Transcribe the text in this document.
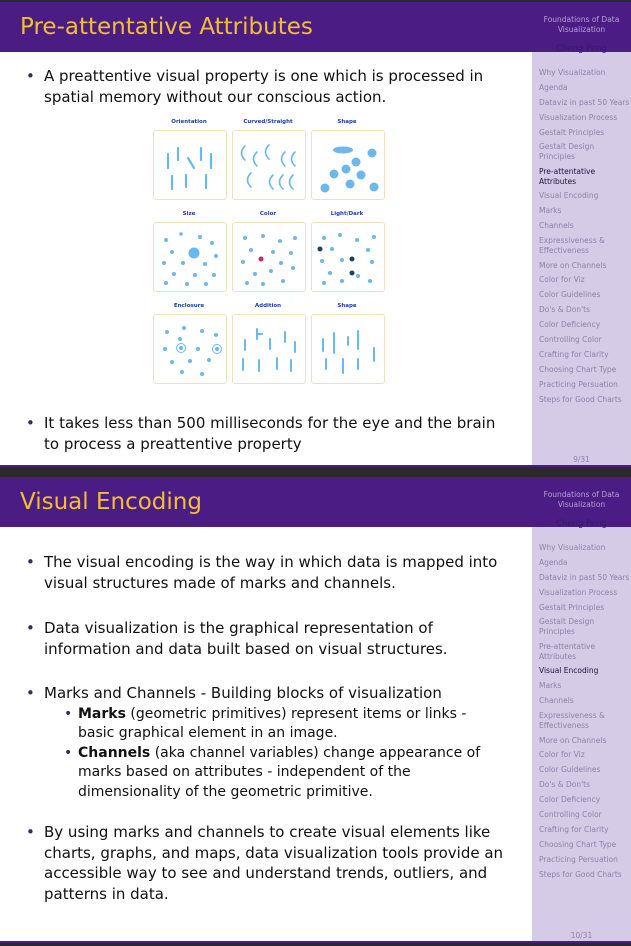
Pre-attentative Attributes	Foundations of Data
Visualization
Cheng Peng
Why Visualization
Agenda
Dataviz in past 50 Years
Visualization Process
Gestalt Principles
Gestalt Design Principles
Pre-attentative Attributes
Visual Encoding
Marks
Channels
Expressiveness & Effectiveness
More on Channels
Color for Viz
Color Guidelines
Do's & Don'ts
Color Deficiency
Controlling Color
Crafting for Clarity
Choosing Chart Type
Practicing Persuation
Steps for Good Charts
9/31
• A preattentive visual property is one which is processed in spatial memory without our conscious action.
• It takes less than 500 milliseconds for the eye and the brain to process a preattentive property
Orientation	Curved/Straight	Shape
Size	Color	Light/Dark
Enclosure	Addition	Shape
Visual Encoding	Foundations of Data
Visualization
Cheng Peng
Why Visualization
Agenda
Dataviz in past 50 Years
Visualization Process
Gestalt Principles
Gestalt Design Principles
Pre-attentative Attributes
Visual Encoding
Marks
Channels
Expressiveness & Effectiveness
More on Channels
Color for Viz
Color Guidelines
Do's & Don'ts
Color Deficiency
Controlling Color
Crafting for Clarity
Choosing Chart Type
Practicing Persuation
Steps for Good Charts
10/31
• The visual encoding is the way in which data is mapped into visual structures made of marks and channels.
• Data visualization is the graphical representation of information and data built based on visual structures.
• Marks and Channels - Building blocks of visualization
• Marks (geometric primitives) represent items or links - basic graphical element in an image.
• Channels (aka channel variables) change appearance of marks based on attributes - independent of the dimensionality of the geometric primitive.
• By using marks and channels to create visual elements like charts, graphs, and maps, data visualization tools provide an accessible way to see and understand trends, outliers, and patterns in data.
